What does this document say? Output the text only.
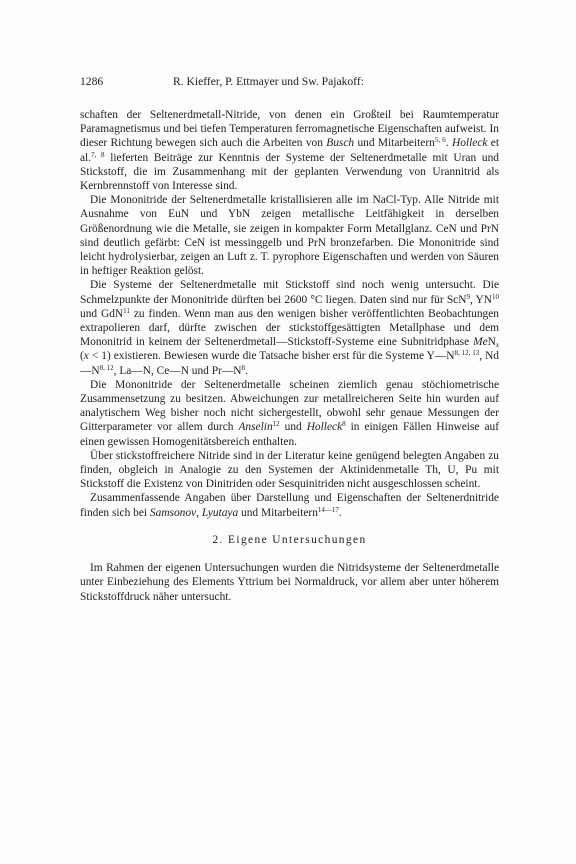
1286	R. Kieffer, P. Ettmayer und Sw. Pajakoff:

schaften der Seltenerdmetall-Nitride, von denen ein Großteil bei Raumtemperatur Paramagnetismus und bei tiefen Temperaturen ferromagnetische Eigenschaften aufweist. In dieser Richtung bewegen sich auch die Arbeiten von Busch und Mitarbeitern$^{5, 6}$. Holleck et al.$^{7, 8}$ lieferten Beiträge zur Kenntnis der Systeme der Seltenerdmetalle mit Uran und Stickstoff, die im Zusammenhang mit der geplanten Verwendung von Urannitrid als Kernbrennstoff von Interesse sind.

Die Mononitride der Seltenerdmetalle kristallisieren alle im NaCl-Typ. Alle Nitride mit Ausnahme von EuN und YbN zeigen metallische Leitfähigkeit in derselben Größenordnung wie die Metalle, sie zeigen in kompakter Form Metallglanz. CeN und PrN sind deutlich gefärbt: CeN ist messinggelb und PrN bronzefarben. Die Mononitride sind leicht hydrolysierbar, zeigen an Luft z. T. pyrophore Eigenschaften und werden von Säuren in heftiger Reaktion gelöst.

Die Systeme der Seltenerdmetalle mit Stickstoff sind noch wenig untersucht. Die Schmelzpunkte der Mononitride dürften bei 2600 °C liegen. Daten sind nur für ScN$^9$, YN$^{10}$ und GdN$^{11}$ zu finden. Wenn man aus den wenigen bisher veröffentlichten Beobachtungen extrapolieren darf, dürfte zwischen der stickstoffgesättigten Metallphase und dem Mononitrid in keinem der Seltenerdmetall—Stickstoff-Systeme eine Subnitridphase MeN$_x$ (x < 1) existieren. Bewiesen wurde die Tatsache bisher erst für die Systeme $Y—N^{8, 12, 13}$, $Nd—N^{8, 12}$, La—N, Ce—N und $Pr—N^8$.

Die Mononitride der Seltenerdmetalle scheinen ziemlich genau stöchiometrische Zusammensetzung zu besitzen. Abweichungen zur metallreicheren Seite hin wurden auf analytischem Weg bisher noch nicht sichergestellt, obwohl sehr genaue Messungen der Gitterparameter vor allem durch Anselin$^{12}$ und Holleck$^8$ in einigen Fällen Hinweise auf einen gewissen Homogenitätsbereich enthalten.

Über stickstoffreichere Nitride sind in der Literatur keine genügend belegten Angaben zu finden, obgleich in Analogie zu den Systemen der Aktinidenmetalle Th, U, Pu mit Stickstoff die Existenz von Dinitriden oder Sesquinitriden nicht ausgeschlossen scheint.

Zusammenfassende Angaben über Darstellung und Eigenschaften der Seltenerdnitride finden sich bei Samsonov, Lyutaya und Mitarbeitern$^{14—17}$.

2. Eigene Untersuchungen

Im Rahmen der eigenen Untersuchungen wurden die Nitridsysteme der Seltenerdmetalle unter Einbeziehung des Elements Yttrium bei Normaldruck, vor allem aber unter höherem Stickstoffdruck näher untersucht.
